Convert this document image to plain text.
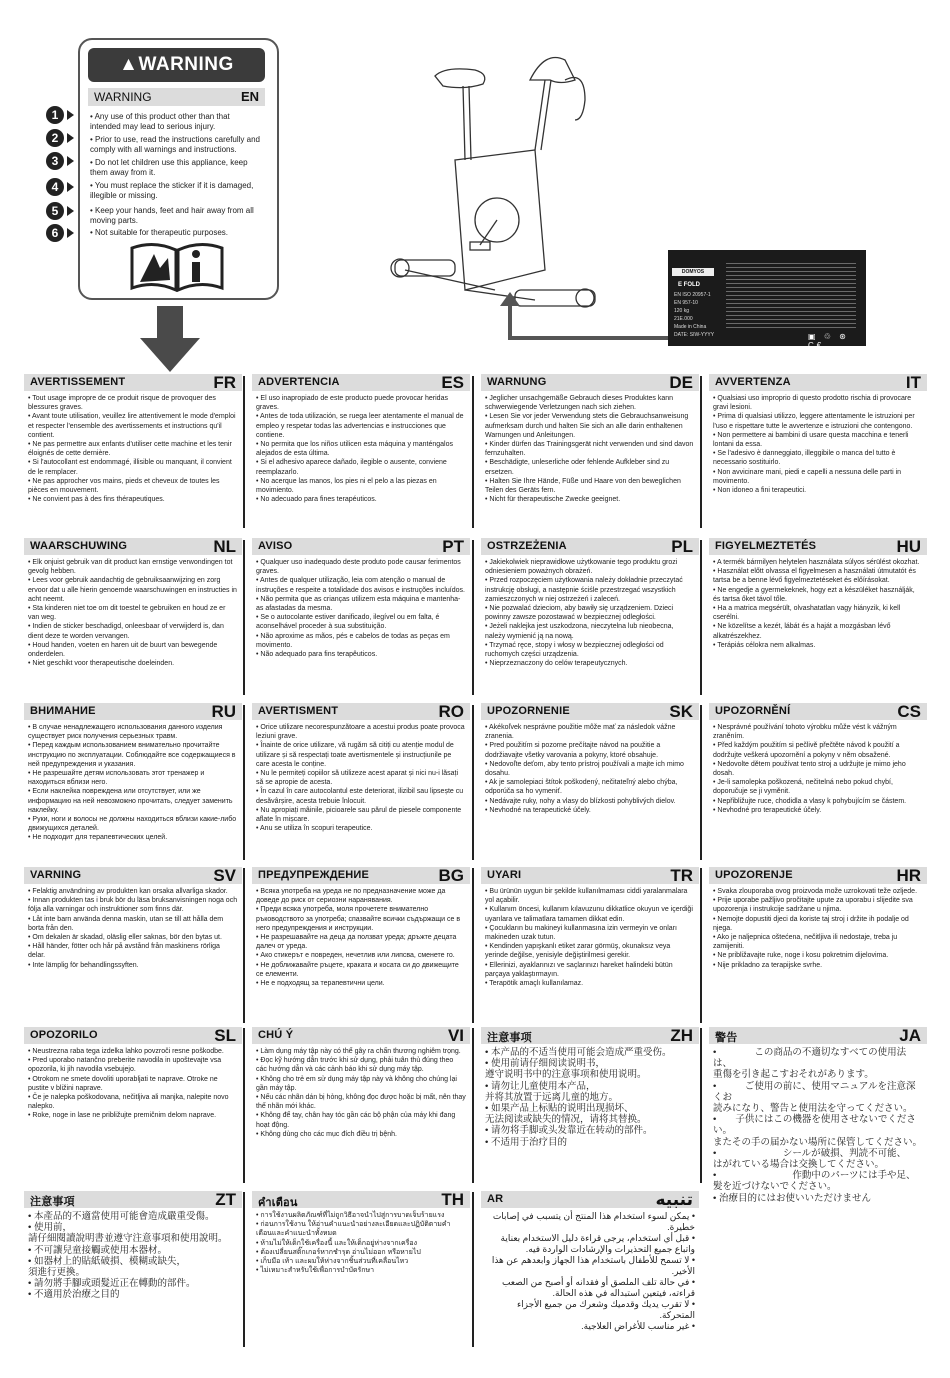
▲WARNING
WARNING	EN
• Any use of this product other than that intended may lead to serious injury.
• Prior to use, read the instructions carefully and comply with all warnings and instructions.
• Do not let children use this appliance, keep them away from it.
• You must replace the sticker if it is damaged, illegible or missing.
• Keep your hands, feet and hair away from all moving parts.
• Not suitable for therapeutic purposes.
1
2
3
4
5
6
DOMYOS
E FOLD
EN ISO 20957-1
EN 957-10
120 kg
21E.000
Made in China
DATE: SIW-YYYY	▣ ♲ ⊛ C€
AVERTISSEMENT	FR
• Tout usage impropre de ce produit risque de provoquer des blessures graves.
• Avant toute utilisation, veuillez lire attentivement le mode d'emploi et respecter l'ensemble des avertissements et instructions qu'il contient.
• Ne pas permettre aux enfants d'utiliser cette machine et les tenir éloignés de cette dernière.
• Si l'autocollant est endommagé, illisible ou manquant, il convient de le remplacer.
• Ne pas approcher vos mains, pieds et cheveux de toutes les pièces en mouvement.
• Ne convient pas à des fins thérapeutiques.
ADVERTENCIA	ES
• El uso inapropiado de este producto puede provocar heridas graves.
• Antes de toda utilización, se ruega leer atentamente el manual de empleo y respetar todas las advertencias e instrucciones que contiene.
• No permita que los niños utilicen esta máquina y manténgalos alejados de esta última.
• Si el adhesivo aparece dañado, ilegible o ausente, conviene reemplazarlo.
• No acerque las manos, los pies ni el pelo a las piezas en movimiento.
• No adecuado para fines terapéuticos.
WARNUNG	DE
• Jeglicher unsachgemäße Gebrauch dieses Produktes kann schwerwiegende Verletzungen nach sich ziehen.
• Lesen Sie vor jeder Verwendung stets die Gebrauchsanweisung aufmerksam durch und halten Sie sich an alle darin enthaltenen Warnungen und Anleitungen.
• Kinder dürfen das Trainingsgerät nicht verwenden und sind davon fernzuhalten.
• Beschädigte, unleserliche oder fehlende Aufkleber sind zu ersetzen.
• Halten Sie Ihre Hände, Füße und Haare von den beweglichen Teilen des Geräts fern.
• Nicht für therapeutische Zwecke geeignet.
AVVERTENZA	IT
• Qualsiasi uso improprio di questo prodotto rischia di provocare gravi lesioni.
• Prima di qualsiasi utilizzo, leggere attentamente le istruzioni per l'uso e rispettare tutte le avvertenze e istruzioni che contengono.
• Non permettere ai bambini di usare questa macchina e tenerli lontani da essa.
• Se l'adesivo è danneggiato, illeggibile o manca del tutto è necessario sostituirlo.
• Non avvicinare mani, piedi e capelli a nessuna delle parti in movimento.
• Non idoneo a fini terapeutici.
WAARSCHUWING	NL
• Elk onjuist gebruik van dit product kan ernstige verwondingen tot gevolg hebben.
• Lees voor gebruik aandachtig de gebruiksaanwijzing en zorg ervoor dat u alle hierin genoemde waarschuwingen en instructies in acht neemt.
• Sta kinderen niet toe om dit toestel te gebruiken en houd ze er van weg.
• Indien de sticker beschadigd, onleesbaar of verwijderd is, dan dient deze te worden vervangen.
• Houd handen, voeten en haren uit de buurt van bewegende onderdelen.
• Niet geschikt voor therapeutische doeleinden.
AVISO	PT
• Qualquer uso inadequado deste produto pode causar ferimentos graves.
• Antes de qualquer utilização, leia com atenção o manual de instruções e respeite a totalidade dos avisos e instruções incluídos.
• Não permita que as crianças utilizem esta máquina e mantenha-as afastadas da mesma.
• Se o autocolante estiver danificado, ilegível ou em falta, é aconselhável proceder à sua substituição.
• Não aproxime as mãos, pés e cabelos de todas as peças em movimento.
• Não adequado para fins terapêuticos.
OSTRZEŻENIA	PL
• Jakiekolwiek nieprawidłowe użytkowanie tego produktu grozi odniesieniem poważnych obrażeń.
• Przed rozpoczęciem użytkowania należy dokładnie przeczytać instrukcję obsługi, a następnie ściśle przestrzegać wszystkich zamieszczonych w niej ostrzeżeń i zaleceń.
• Nie pozwalać dzieciom, aby bawiły się urządzeniem. Dzieci powinny zawsze pozostawać w bezpiecznej odległości.
• Jeżeli naklejka jest uszkodzona, nieczytelna lub nieobecna, należy wymienić ją na nową.
• Trzymać ręce, stopy i włosy w bezpiecznej odległości od ruchomych części urządzenia.
• Nieprzeznaczony do celów terapeutycznych.
FIGYELMEZTETÉS	HU
• A termék bármilyen helytelen használata súlyos sérülést okozhat.
• Használat előtt olvassa el figyelmesen a használati útmutatót és tartsa be a benne lévő figyelmeztetéseket és előírásokat.
• Ne engedje a gyermekeknek, hogy ezt a készüléket használják, és tartsa őket távol tőle.
• Ha a matrica megsérült, olvashatatlan vagy hiányzik, ki kell cserélni.
• Ne közelítse a kezét, lábát és a haját a mozgásban lévő alkatrészekhez.
• Terápiás célokra nem alkalmas.
ВНИМАНИЕ	RU
• В случае ненадлежащего использования данного изделия существует риск получения серьезных травм.
• Перед каждым использованием внимательно прочитайте инструкцию по эксплуатации. Соблюдайте все содержащиеся в ней предупреждения и указания.
• Не разрешайте детям использовать этот тренажер и находиться вблизи него.
• Если наклейка повреждена или отсутствует, или же информацию на ней невозможно прочитать, следует заменить наклейку.
• Руки, ноги и волосы не должны находиться вблизи какие-либо движущихся деталей.
• Не подходит для терапевтических целей.
AVERTISMENT	RO
• Orice utilizare necorespunzătoare a acestui produs poate provoca leziuni grave.
• Înainte de orice utilizare, vă rugăm să citiți cu atenție modul de utilizare și să respectați toate avertismentele și instrucțiunile pe care acesta le conține.
• Nu le permiteți copiilor să utilizeze acest aparat și nici nu-i lăsați să se apropie de acesta.
• În cazul în care autocolantul este deteriorat, ilizibil sau lipsește cu desăvârșire, acesta trebuie înlocuit.
• Nu apropiați mâinile, picioarele sau părul de piesele componente aflate în mișcare.
• Anu se utiliza în scopuri terapeutice.
UPOZORNENIE	SK
• Akékoľvek nesprávne použitie môže mať za následok vážne zranenia.
• Pred použitím si pozorne prečítajte návod na použitie a dodržiavajte všetky varovania a pokyny, ktoré obsahuje.
• Nedovoľte deťom, aby tento prístroj používali a majte ich mimo dosahu.
• Ak je samolepiaci štítok poškodený, nečitateľný alebo chýba, odporúča sa ho vymeniť.
• Nedávajte ruky, nohy a vlasy do blízkosti pohyblivých dielov.
• Nevhodné na terapeutické účely.
UPOZORNĚNÍ	CS
• Nesprávné používání tohoto výrobku může vést k vážným zraněním.
• Před každým použitím si pečlivě přečtěte návod k použití a dodržujte veškerá upozornění a pokyny v něm obsažené.
• Nedovolte dětem používat tento stroj a udržujte je mimo jeho dosah.
• Je-li samolepka poškozená, nečitelná nebo pokud chybí, doporučuje se ji vyměnit.
• Nepřibližujte ruce, chodidla a vlasy k pohybujícím se částem.
• Nevhodné pro terapeutické účely.
VARNING	SV
• Felaktig användning av produkten kan orsaka allvarliga skador.
• Innan produkten tas i bruk bör du läsa bruksanvisningen noga och följa alla varningar och instruktioner som finns där.
• Låt inte barn använda denna maskin, utan se till att hålla dem borta från den.
• Om dekalen är skadad, oläslig eller saknas, bör den bytas ut.
• Håll händer, fötter och hår på avstånd från maskinens rörliga delar.
• Inte lämplig för behandlingssyften.
ПРЕДУПРЕЖДЕНИЕ	BG
• Всяка употреба на уреда не по предназначение може да доведе до риск от сериозни наранявания.
• Преди всяка употреба, моля прочетете внимателно ръководството за употреба; спазвайте всички съдържащи се в него предупреждения и инструкции.
• Не разрешавайте на деца да ползват уреда; дръжте децата далеч от уреда.
• Ако стикерът е повреден, нечетлив или липсва, сменете го.
• Не доближавайте ръцете, краката и косата си до движещите се елементи.
• Не е подходящ за терапевтични цели.
UYARI	TR
• Bu ürünün uygun bir şekilde kullanılmaması ciddi yaralanmalara yol açabilir.
• Kullanım öncesi, kullanım kılavuzunu dikkatlice okuyun ve içerdiği uyarılara ve talimatlara tamamen dikkat edin.
• Çocukların bu makineyi kullanmasına izin vermeyin ve onları makineden uzak tutun.
• Kendinden yapışkanlı etiket zarar görmüş, okunaksız veya yerinde değilse, yenisiyle değiştirilmesi gerekir.
• Ellerinizi, ayaklarınızı ve saçlarınızı hareket halindeki bütün parçaya yaklaştırmayın.
• Terapötik amaçlı kullanılamaz.
UPOZORENJE	HR
• Svaka zlouporaba ovog proizvoda može uzrokovati teže ozljede.
• Prije uporabe pažljivo pročitajte upute za uporabu i slijedite sva upozorenja i instrukcije sadržane u njima.
• Nemojte dopustiti djeci da koriste taj stroj i držite ih podalje od njega.
• Ako je naljepnica oštećena, nečitljiva ili nedostaje, treba ju zamijeniti.
• Ne približavajte ruke, noge i kosu pokretnim dijelovima.
• Nije prikladno za terapijske svrhe.
OPOZORILO	SL
• Neustrezna raba tega izdelka lahko povzroči resne poškodbe.
• Pred uporabo natančno preberite navodila in upoštevajte vsa opozorila, ki jih navodila vsebujejo.
• Otrokom ne smete dovoliti uporabljati te naprave. Otroke ne pustite v bližini naprave.
• Če je nalepka poškodovana, nečitljiva ali manjka, nalepite novo nalepko.
• Roke, noge in lase ne približujte premičnim delom naprave.
CHÚ Ý	VI
• Làm dụng máy tập này có thể gây ra chấn thương nghiêm trọng.
• Đọc kỹ hướng dẫn trước khi sử dụng, phải tuân thủ đúng theo các hướng dẫn và các cảnh báo khi sử dụng máy tập.
• Không cho trẻ em sử dụng máy tập này và không cho chúng lại gần máy tập.
• Nếu các nhãn dán bị hỏng, không đọc được hoặc bị mất, nên thay thế nhãn mới khác.
• Không để tay, chân hay tóc gần các bộ phận của máy khi đang hoạt động.
• Không dùng cho các mục đích điều trị bệnh.
注意事项	ZH
• 本产品的不适当使用可能会造成严重受伤。
• 使用前请仔细阅读说明书，
遵守说明书中的注意事项和使用说明。
• 请勿让儿童使用本产品，
并将其放置于远离儿童的地方。
• 如果产品上标贴的说明出现损坏、
无法阅读或缺失的情况，请将其替换。
• 请勿将手脚或头发靠近在转动的部件。
• 不适用于治疗目的
警告	JA
•　　　　この商品の不適切なすべての使用法は、
重傷を引き起こすおそれがあります。
•　　　ご使用の前に、使用マニュアルを注意深くお
読みになり、警告と使用法を守ってください。
•　　子供にはこの機器を使用させないでください。
またその手の届かない場所に保管してください。
•　　　　　　　シールが破損、判読不可能、
はがれている場合は交換してください。
•　　　　　　　　作動中のパーツには手や足、
髪を近づけないでください。
• 治療目的にはお使いいただけません
注意事項	ZT
• 本產品的不適當使用可能會造成嚴重受傷。
• 使用前，
請仔細閱讀說明書並遵守注意事項和使用說明。
• 不可讓兒童接觸或使用本器材。
• 如器材上的貼紙破損、模糊或缺失，
須進行更換。
• 請勿將手腳或頭髮近正在轉動的部件。
• 不適用於治療之目的
คำเตือน	TH
• การใช้งานผลิตภัณฑ์ที่ไม่ถูกวิธีอาจนำไปสู่การบาดเจ็บร้ายแรง
• ก่อนการใช้งาน ให้อ่านคำแนะนำอย่างละเอียดและปฏิบัติตามคำเตือนและคำแนะนำทั้งหมด
• ห้ามไม่ให้เด็กใช้เครื่องนี้ และให้เด็กอยู่ห่างจากเครื่อง
• ต้องเปลี่ยนสติ๊กเกอร์หากชำรุด อ่านไม่ออก หรือหายไป
• เก็บมือ เท้า และผมให้ห่างจากชิ้นส่วนที่เคลื่อนไหว
• ไม่เหมาะสำหรับใช้เพื่อการบำบัดรักษา
AR	تنبيه
• يمكن لسوء استخدام هذا المنتج أن يتسبب في إصابات خطيرة.
• قبل أي استخدام، يرجى قراءة دليل الاستخدام بعناية واتباع جميع التحذيرات والإرشادات الواردة فيه.
• لا تسمح للأطفال باستخدام هذا الجهاز وابعدهم عن هذا الأخير.
• في حالة تلف الملصق أو فقدانه أو أصبح من الصعب قراءته، فيتعين استبداله في هذه الحالة.
• لا تقرب يديك وقدميك وشعرك من جميع الأجزاء المتحركة.
• غير مناسب للأغراض العلاجية.
